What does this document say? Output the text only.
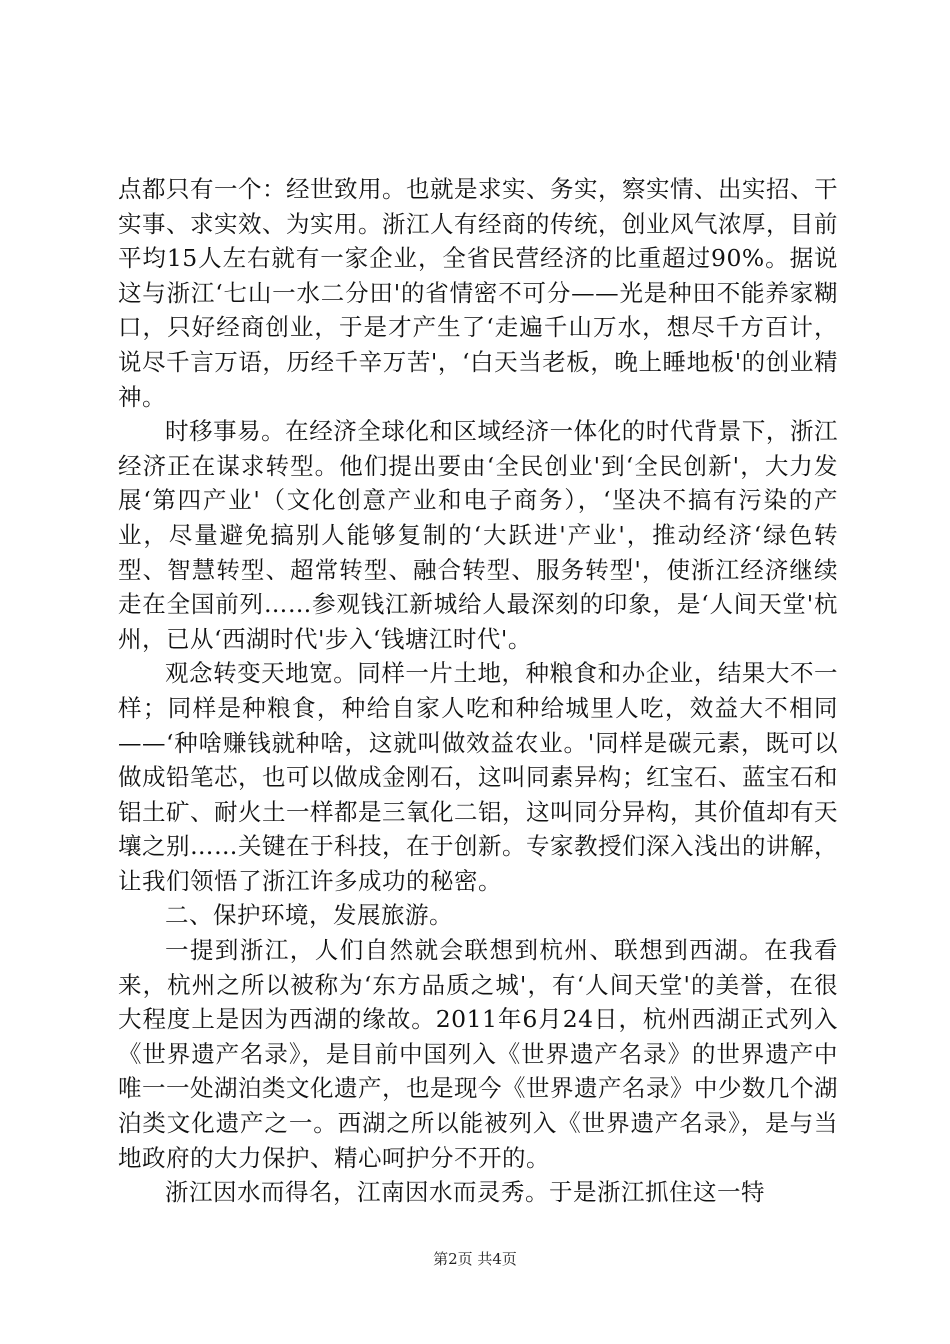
点都只有一个：经世致用。也就是求实、务实，察实情、出实招、干实事、求实效、为实用。浙江人有经商的传统，创业风气浓厚，目前平均15人左右就有一家企业，全省民营经济的比重超过90%。据说这与浙江‘七山一水二分田'的省情密不可分——光是种田不能养家糊口，只好经商创业，于是才产生了‘走遍千山万水，想尽千方百计，说尽千言万语，历经千辛万苦'，‘白天当老板，晚上睡地板'的创业精神。

时移事易。在经济全球化和区域经济一体化的时代背景下，浙江经济正在谋求转型。他们提出要由‘全民创业'到‘全民创新'，大力发展‘第四产业'（文化创意产业和电子商务），‘坚决不搞有污染的产业，尽量避免搞别人能够复制的‘大跃进'产业'，推动经济‘绿色转型、智慧转型、超常转型、融合转型、服务转型'，使浙江经济继续走在全国前列……参观钱江新城给人最深刻的印象，是‘人间天堂'杭州，已从‘西湖时代'步入‘钱塘江时代'。

观念转变天地宽。同样一片土地，种粮食和办企业，结果大不一样；同样是种粮食，种给自家人吃和种给城里人吃，效益大不相同——‘种啥赚钱就种啥，这就叫做效益农业。'同样是碳元素，既可以做成铅笔芯，也可以做成金刚石，这叫同素异构；红宝石、蓝宝石和铝土矿、耐火土一样都是三氧化二铝，这叫同分异构，其价值却有天壤之别……关键在于科技，在于创新。专家教授们深入浅出的讲解，让我们领悟了浙江许多成功的秘密。

二、保护环境，发展旅游。

一提到浙江，人们自然就会联想到杭州、联想到西湖。在我看来，杭州之所以被称为‘东方品质之城'，有‘人间天堂'的美誉，在很大程度上是因为西湖的缘故。2011年6月24日，杭州西湖正式列入《世界遗产名录》，是目前中国列入《世界遗产名录》的世界遗产中唯一一处湖泊类文化遗产，也是现今《世界遗产名录》中少数几个湖泊类文化遗产之一。西湖之所以能被列入《世界遗产名录》，是与当地政府的大力保护、精心呵护分不开的。

浙江因水而得名，江南因水而灵秀。于是浙江抓住这一特

第2页 共4页
